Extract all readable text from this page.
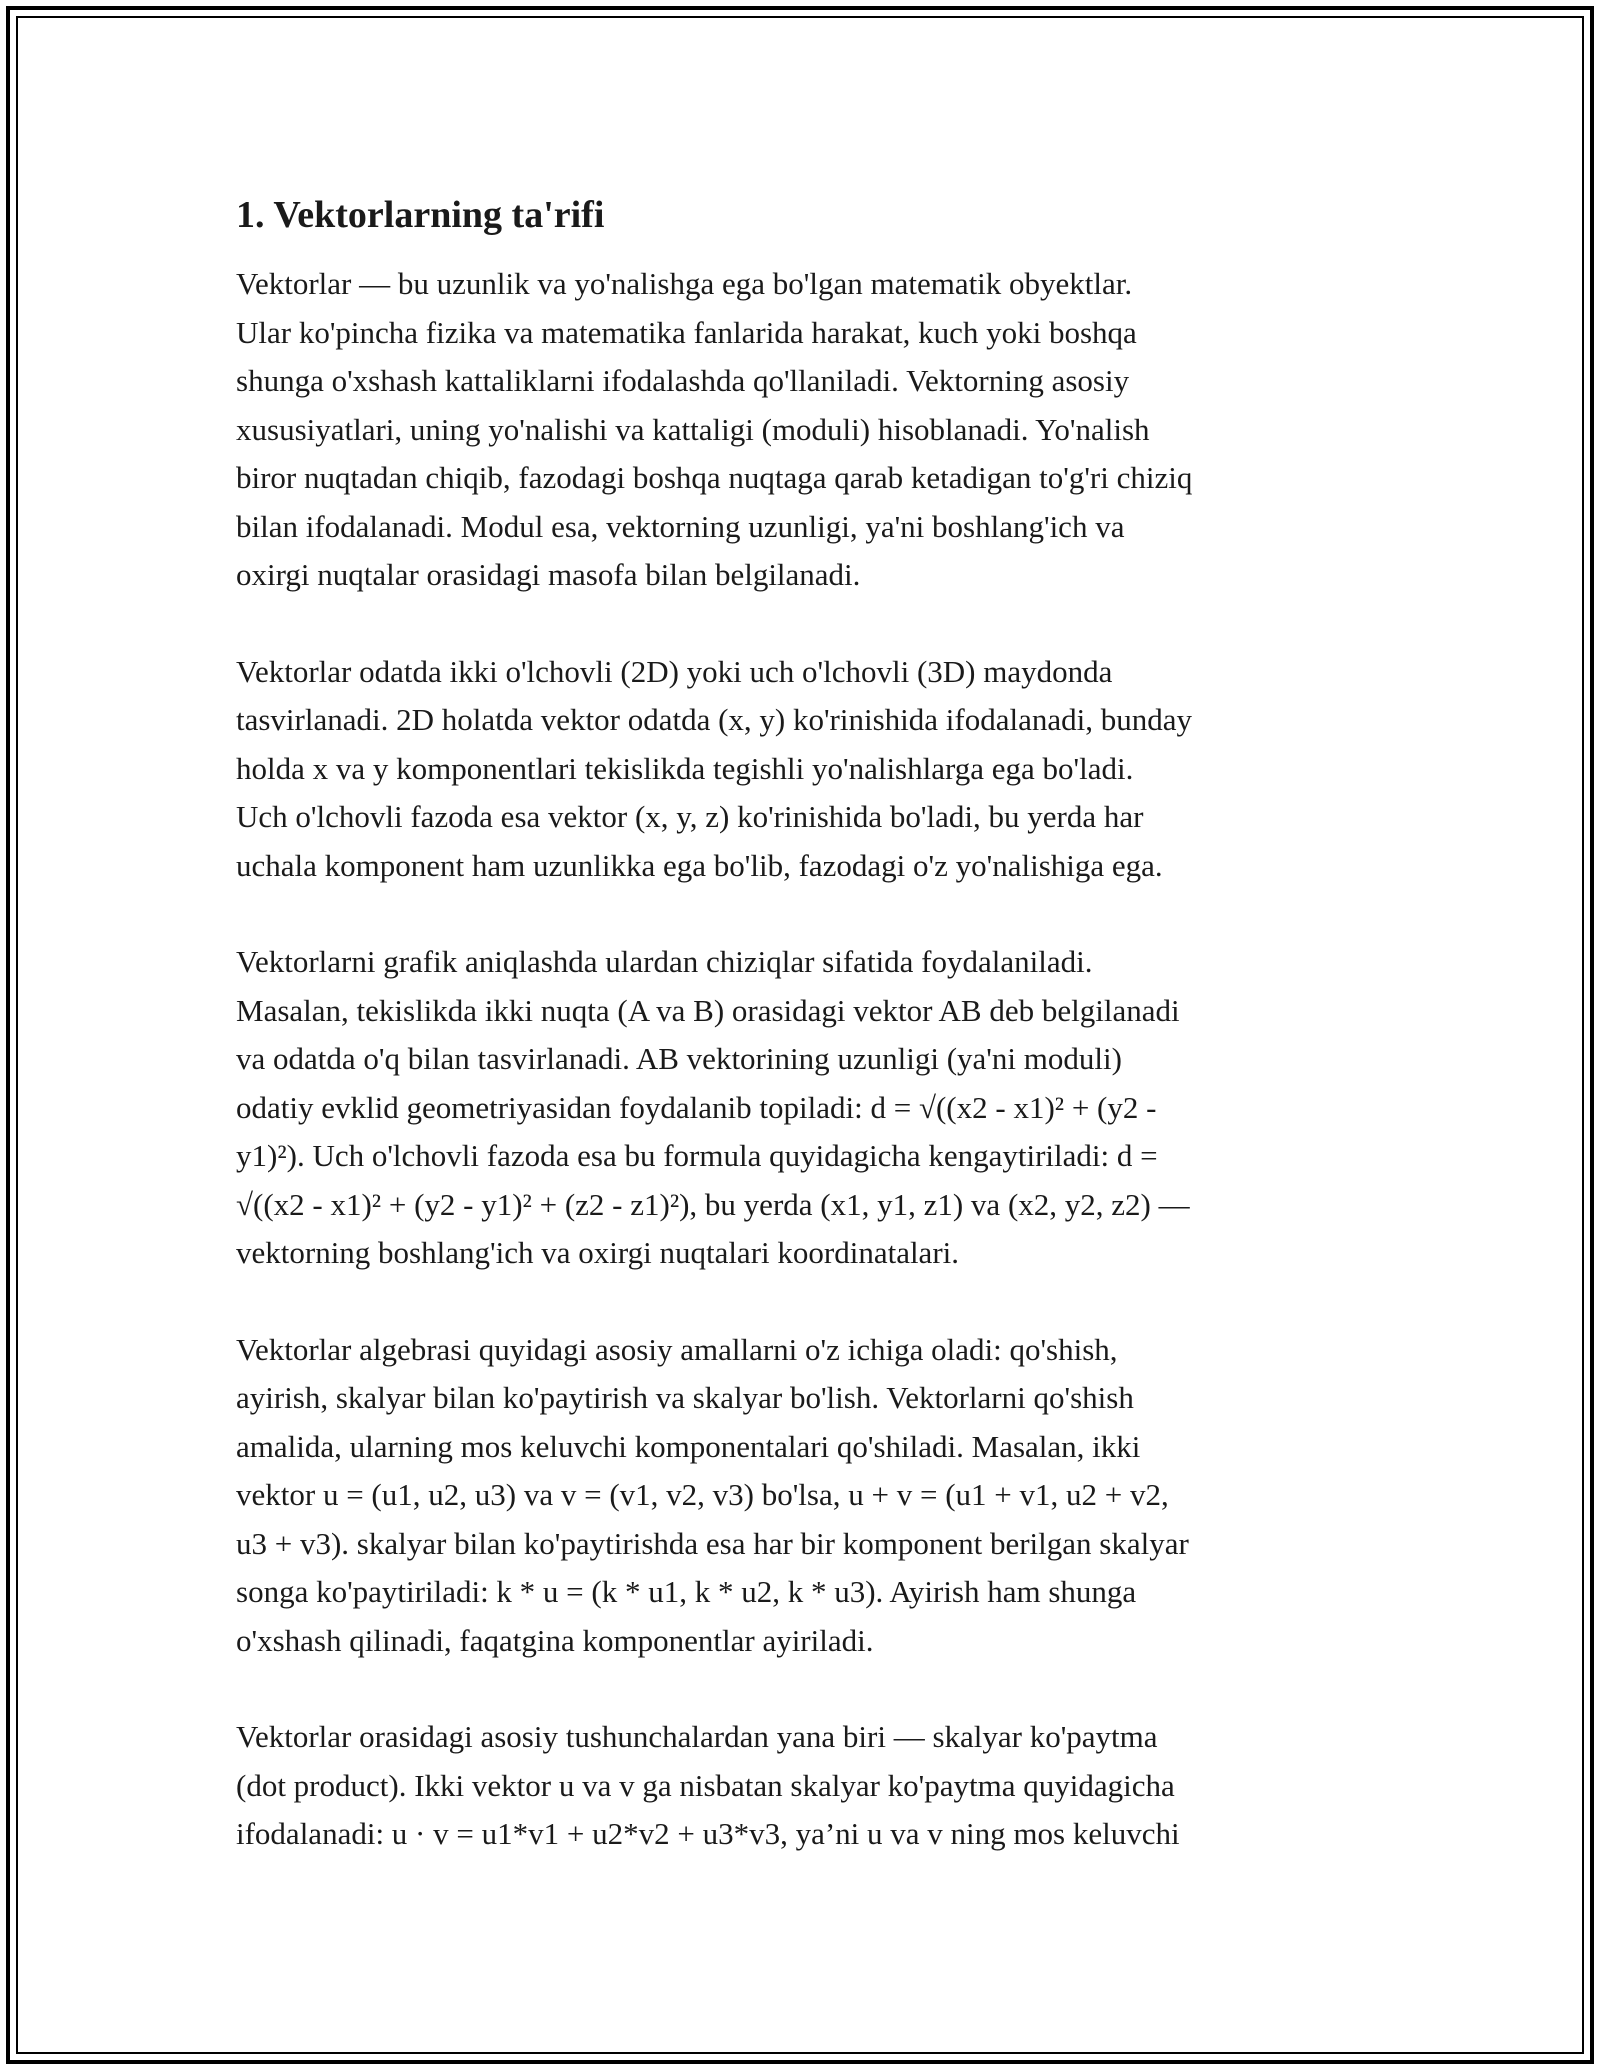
1. Vektorlarning ta'rifi

Vektorlar — bu uzunlik va yo'nalishga ega bo'lgan matematik obyektlar.
Ular ko'pincha fizika va matematika fanlarida harakat, kuch yoki boshqa
shunga o'xshash kattaliklarni ifodalashda qo'llaniladi. Vektorning asosiy
xususiyatlari, uning yo'nalishi va kattaligi (moduli) hisoblanadi. Yo'nalish
biror nuqtadan chiqib, fazodagi boshqa nuqtaga qarab ketadigan to'g'ri chiziq
bilan ifodalanadi. Modul esa, vektorning uzunligi, ya'ni boshlang'ich va
oxirgi nuqtalar orasidagi masofa bilan belgilanadi.

Vektorlar odatda ikki o'lchovli (2D) yoki uch o'lchovli (3D) maydonda
tasvirlanadi. 2D holatda vektor odatda (x, y) ko'rinishida ifodalanadi, bunday
holda x va y komponentlari tekislikda tegishli yo'nalishlarga ega bo'ladi.
Uch o'lchovli fazoda esa vektor (x, y, z) ko'rinishida bo'ladi, bu yerda har
uchala komponent ham uzunlikka ega bo'lib, fazodagi o'z yo'nalishiga ega.

Vektorlarni grafik aniqlashda ulardan chiziqlar sifatida foydalaniladi.
Masalan, tekislikda ikki nuqta (A va B) orasidagi vektor AB deb belgilanadi
va odatda o'q bilan tasvirlanadi. AB vektorining uzunligi (ya'ni moduli)
odatiy evklid geometriyasidan foydalanib topiladi: d = √((x2 - x1)² + (y2 -
y1)²). Uch o'lchovli fazoda esa bu formula quyidagicha kengaytiriladi: d =
√((x2 - x1)² + (y2 - y1)² + (z2 - z1)²), bu yerda (x1, y1, z1) va (x2, y2, z2) —
vektorning boshlang'ich va oxirgi nuqtalari koordinatalari.

Vektorlar algebrasi quyidagi asosiy amallarni o'z ichiga oladi: qo'shish,
ayirish, skalyar bilan ko'paytirish va skalyar bo'lish. Vektorlarni qo'shish
amalida, ularning mos keluvchi komponentalari qo'shiladi. Masalan, ikki
vektor u = (u1, u2, u3) va v = (v1, v2, v3) bo'lsa, u + v = (u1 + v1, u2 + v2,
u3 + v3). skalyar bilan ko'paytirishda esa har bir komponent berilgan skalyar
songa ko'paytiriladi: k * u = (k * u1, k * u2, k * u3). Ayirish ham shunga
o'xshash qilinadi, faqatgina komponentlar ayiriladi.

Vektorlar orasidagi asosiy tushunchalardan yana biri — skalyar ko'paytma
(dot product). Ikki vektor u va v ga nisbatan skalyar ko'paytma quyidagicha
ifodalanadi: u · v = u1*v1 + u2*v2 + u3*v3, ya’ni u va v ning mos keluvchi
